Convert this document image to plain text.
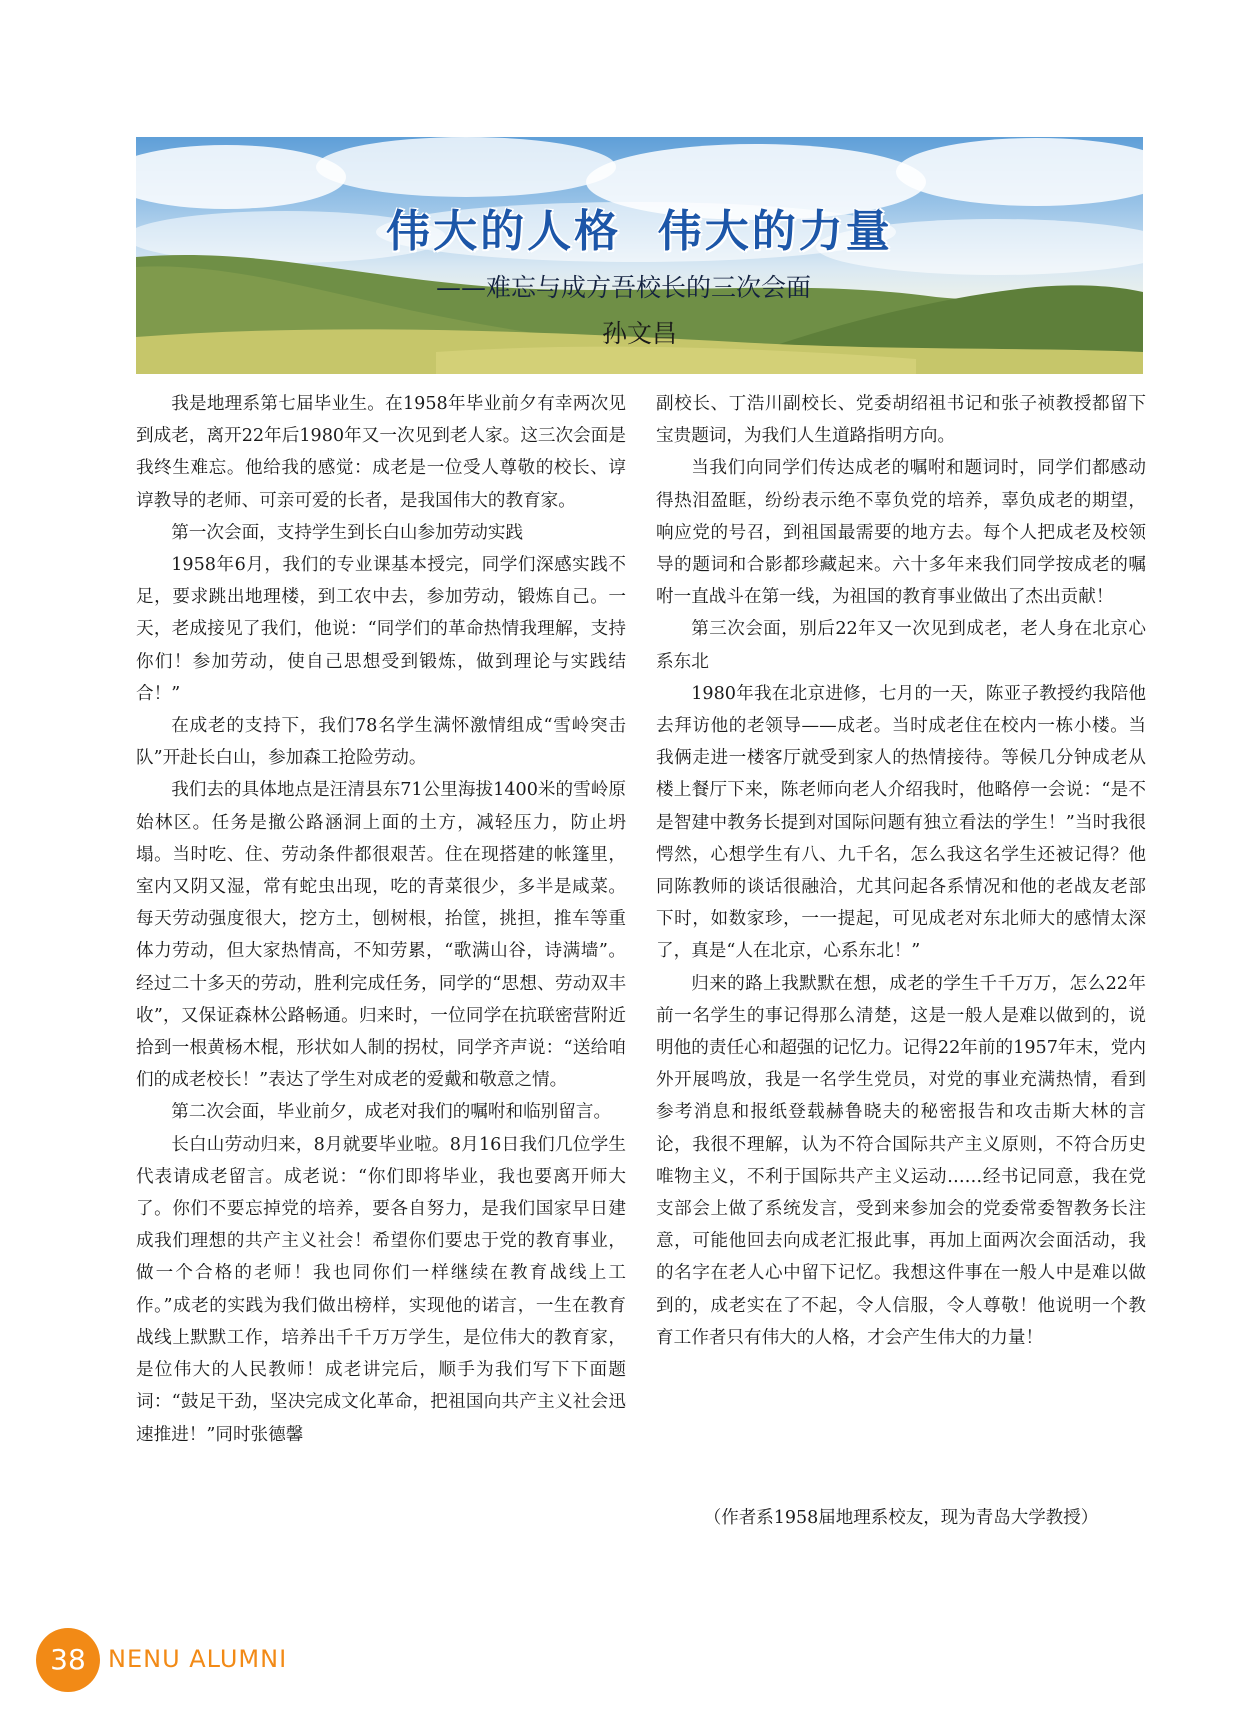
伟大的人格  伟大的力量
——难忘与成方吾校长的三次会面
孙文昌

我是地理系第七届毕业生。在1958年毕业前夕有幸两次见到成老，离开22年后1980年又一次见到老人家。这三次会面是我终生难忘。他给我的感觉：成老是一位受人尊敬的校长、谆谆教导的老师、可亲可爱的长者，是我国伟大的教育家。

第一次会面，支持学生到长白山参加劳动实践

1958年6月，我们的专业课基本授完，同学们深感实践不足，要求跳出地理楼，到工农中去，参加劳动，锻炼自己。一天，老成接见了我们，他说：“同学们的革命热情我理解，支持你们！参加劳动，使自己思想受到锻炼，做到理论与实践结合！”

在成老的支持下，我们78名学生满怀激情组成“雪岭突击队”开赴长白山，参加森工抢险劳动。

我们去的具体地点是汪清县东71公里海拔1400米的雪岭原始林区。任务是撤公路涵洞上面的土方，减轻压力，防止坍塌。当时吃、住、劳动条件都很艰苦。住在现搭建的帐篷里，室内又阴又湿，常有蛇虫出现，吃的青菜很少，多半是咸菜。每天劳动强度很大，挖方土，刨树根，抬筐，挑担，推车等重体力劳动，但大家热情高，不知劳累，“歌满山谷，诗满墙”。经过二十多天的劳动，胜利完成任务，同学的“思想、劳动双丰收”，又保证森林公路畅通。归来时，一位同学在抗联密营附近拾到一根黄杨木棍，形状如人制的拐杖，同学齐声说：“送给咱们的成老校长！”表达了学生对成老的爱戴和敬意之情。

第二次会面，毕业前夕，成老对我们的嘱咐和临别留言。

长白山劳动归来，8月就要毕业啦。8月16日我们几位学生代表请成老留言。成老说：“你们即将毕业，我也要离开师大了。你们不要忘掉党的培养，要各自努力，是我们国家早日建成我们理想的共产主义社会！希望你们要忠于党的教育事业，做一个合格的老师！我也同你们一样继续在教育战线上工作。”成老的实践为我们做出榜样，实现他的诺言，一生在教育战线上默默工作，培养出千千万万学生，是位伟大的教育家，是位伟大的人民教师！成老讲完后，顺手为我们写下下面题词：“鼓足干劲，坚决完成文化革命，把祖国向共产主义社会迅速推进！”同时张德馨

副校长、丁浩川副校长、党委胡绍祖书记和张子祯教授都留下宝贵题词，为我们人生道路指明方向。

当我们向同学们传达成老的嘱咐和题词时，同学们都感动得热泪盈眶，纷纷表示绝不辜负党的培养，辜负成老的期望，响应党的号召，到祖国最需要的地方去。每个人把成老及校领导的题词和合影都珍藏起来。六十多年来我们同学按成老的嘱咐一直战斗在第一线，为祖国的教育事业做出了杰出贡献！

第三次会面，别后22年又一次见到成老，老人身在北京心系东北

1980年我在北京进修，七月的一天，陈亚子教授约我陪他去拜访他的老领导——成老。当时成老住在校内一栋小楼。当我俩走进一楼客厅就受到家人的热情接待。等候几分钟成老从楼上餐厅下来，陈老师向老人介绍我时，他略停一会说：“是不是智建中教务长提到对国际问题有独立看法的学生！”当时我很愕然，心想学生有八、九千名，怎么我这名学生还被记得？他同陈教师的谈话很融洽，尤其问起各系情况和他的老战友老部下时，如数家珍，一一提起，可见成老对东北师大的感情太深了，真是“人在北京，心系东北！”

归来的路上我默默在想，成老的学生千千万万，怎么22年前一名学生的事记得那么清楚，这是一般人是难以做到的，说明他的责任心和超强的记忆力。记得22年前的1957年末，党内外开展鸣放，我是一名学生党员，对党的事业充满热情，看到参考消息和报纸登载赫鲁晓夫的秘密报告和攻击斯大林的言论，我很不理解，认为不符合国际共产主义原则，不符合历史唯物主义，不利于国际共产主义运动……经书记同意，我在党支部会上做了系统发言，受到来参加会的党委常委智教务长注意，可能他回去向成老汇报此事，再加上面两次会面活动，我的名字在老人心中留下记忆。我想这件事在一般人中是难以做到的，成老实在了不起，令人信服，令人尊敬！他说明一个教育工作者只有伟大的人格，才会产生伟大的力量！

（作者系1958届地理系校友，现为青岛大学教授）
38 NENU ALUMNI
